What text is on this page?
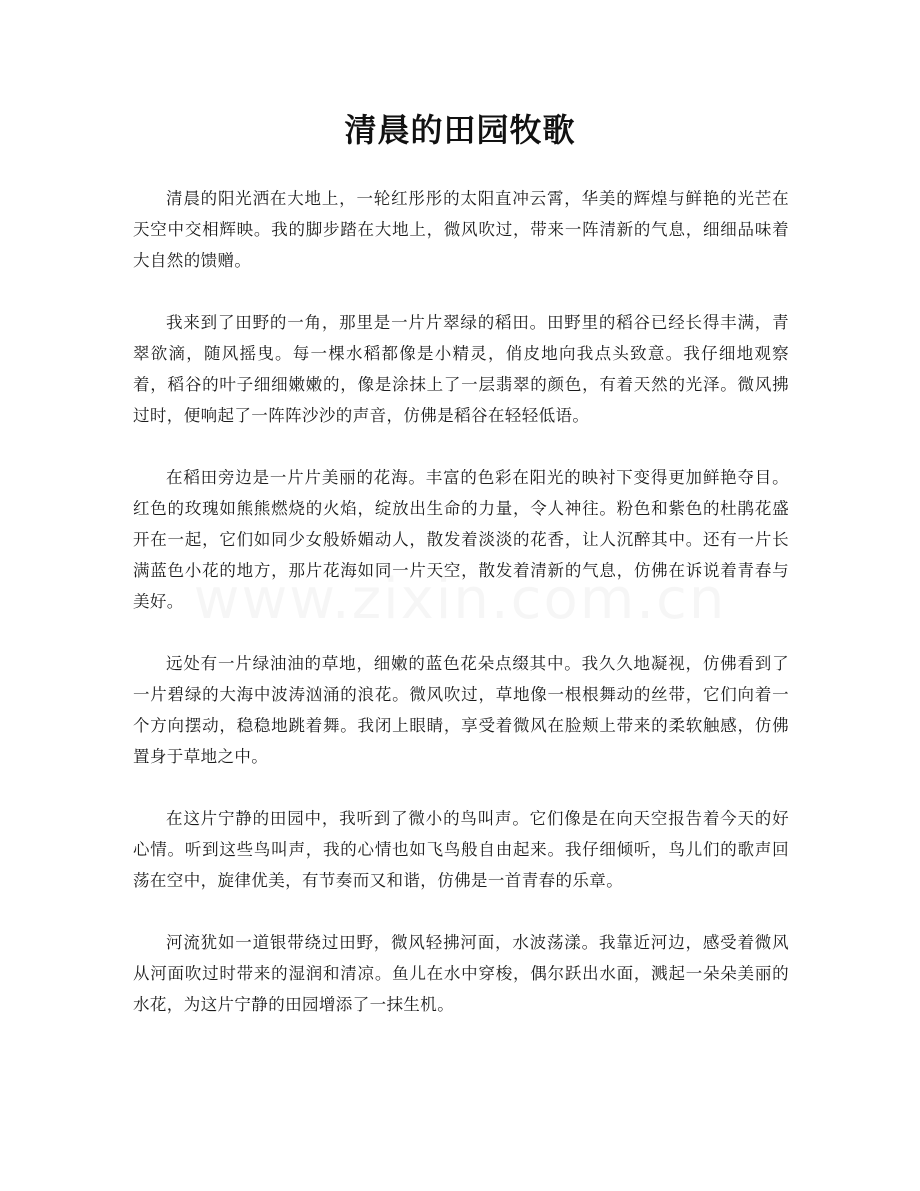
清晨的田园牧歌

清晨的阳光洒在大地上，一轮红彤彤的太阳直冲云霄，华美的辉煌与鲜艳的光芒在天空中交相辉映。我的脚步踏在大地上，微风吹过，带来一阵清新的气息，细细品味着大自然的馈赠。

我来到了田野的一角，那里是一片片翠绿的稻田。田野里的稻谷已经长得丰满，青翠欲滴，随风摇曳。每一棵水稻都像是小精灵，俏皮地向我点头致意。我仔细地观察着，稻谷的叶子细细嫩嫩的，像是涂抹上了一层翡翠的颜色，有着天然的光泽。微风拂过时，便响起了一阵阵沙沙的声音，仿佛是稻谷在轻轻低语。

在稻田旁边是一片片美丽的花海。丰富的色彩在阳光的映衬下变得更加鲜艳夺目。红色的玫瑰如熊熊燃烧的火焰，绽放出生命的力量，令人神往。粉色和紫色的杜鹃花盛开在一起，它们如同少女般娇媚动人，散发着淡淡的花香，让人沉醉其中。还有一片长满蓝色小花的地方，那片花海如同一片天空，散发着清新的气息，仿佛在诉说着青春与美好。

远处有一片绿油油的草地，细嫩的蓝色花朵点缀其中。我久久地凝视，仿佛看到了一片碧绿的大海中波涛汹涌的浪花。微风吹过，草地像一根根舞动的丝带，它们向着一个方向摆动，稳稳地跳着舞。我闭上眼睛，享受着微风在脸颊上带来的柔软触感，仿佛置身于草地之中。

在这片宁静的田园中，我听到了微小的鸟叫声。它们像是在向天空报告着今天的好心情。听到这些鸟叫声，我的心情也如飞鸟般自由起来。我仔细倾听，鸟儿们的歌声回荡在空中，旋律优美，有节奏而又和谐，仿佛是一首青春的乐章。

河流犹如一道银带绕过田野，微风轻拂河面，水波荡漾。我靠近河边，感受着微风从河面吹过时带来的湿润和清凉。鱼儿在水中穿梭，偶尔跃出水面，溅起一朵朵美丽的水花，为这片宁静的田园增添了一抹生机。
